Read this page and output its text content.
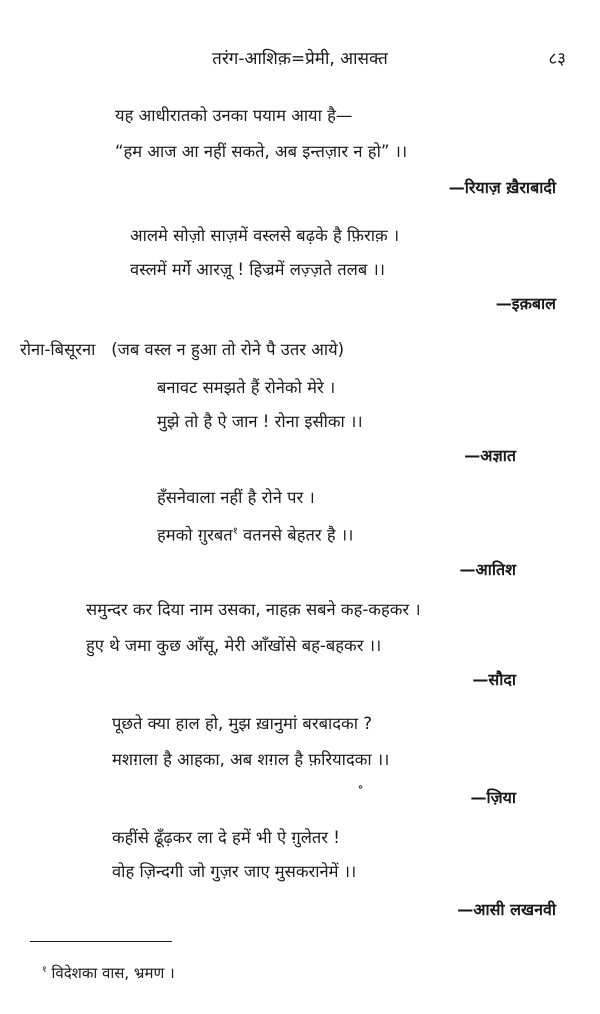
तरंग-आशिक़=प्रेमी, आसक्त	८३
यह आधीरातको उनका पयाम आया है—
“हम आज आ नहीं सकते, अब इन्तज़ार न हो” ।।
—रियाज़ ख़ैराबादी
आलमे सोज़ो साज़में वस्लसे बढ़के है फ़िराक़ ।
वस्लमें मर्गे आरज़ू ! हिज्रमें लज़्ज़ते तलब ।।
—इक़बाल
रोना-बिसूरना (जब वस्ल न हुआ तो रोने पै उतर आये)
बनावट समझते हैं रोनेको मेरे ।
मुझे तो है ऐ जान ! रोना इसीका ।।
—अज्ञात
हँसनेवाला नहीं है रोने पर ।
हमको ग़ुरबत$^१$ वतनसे बेहतर है ।।
—आतिश
समुन्दर कर दिया नाम उसका, नाहक़ सबने कह-कहकर ।
हुए थे जमा कुछ आँसू, मेरी आँखोंसे बह-बहकर ।।
—सौदा
पूछते क्या हाल हो, मुझ ख़ानुमां बरबादका ?
मशग़ला है आहका, अब शग़ल है फ़रियादका ।।
॰	—ज़िया
कहींसे ढूँढ़कर ला दे हमें भी ऐ ग़ुलेतर !
वोह ज़िन्दगी जो गुज़र जाए मुसकरानेमें ।।
—आसी लखनवी
$^१$ विदेशका वास, भ्रमण ।
